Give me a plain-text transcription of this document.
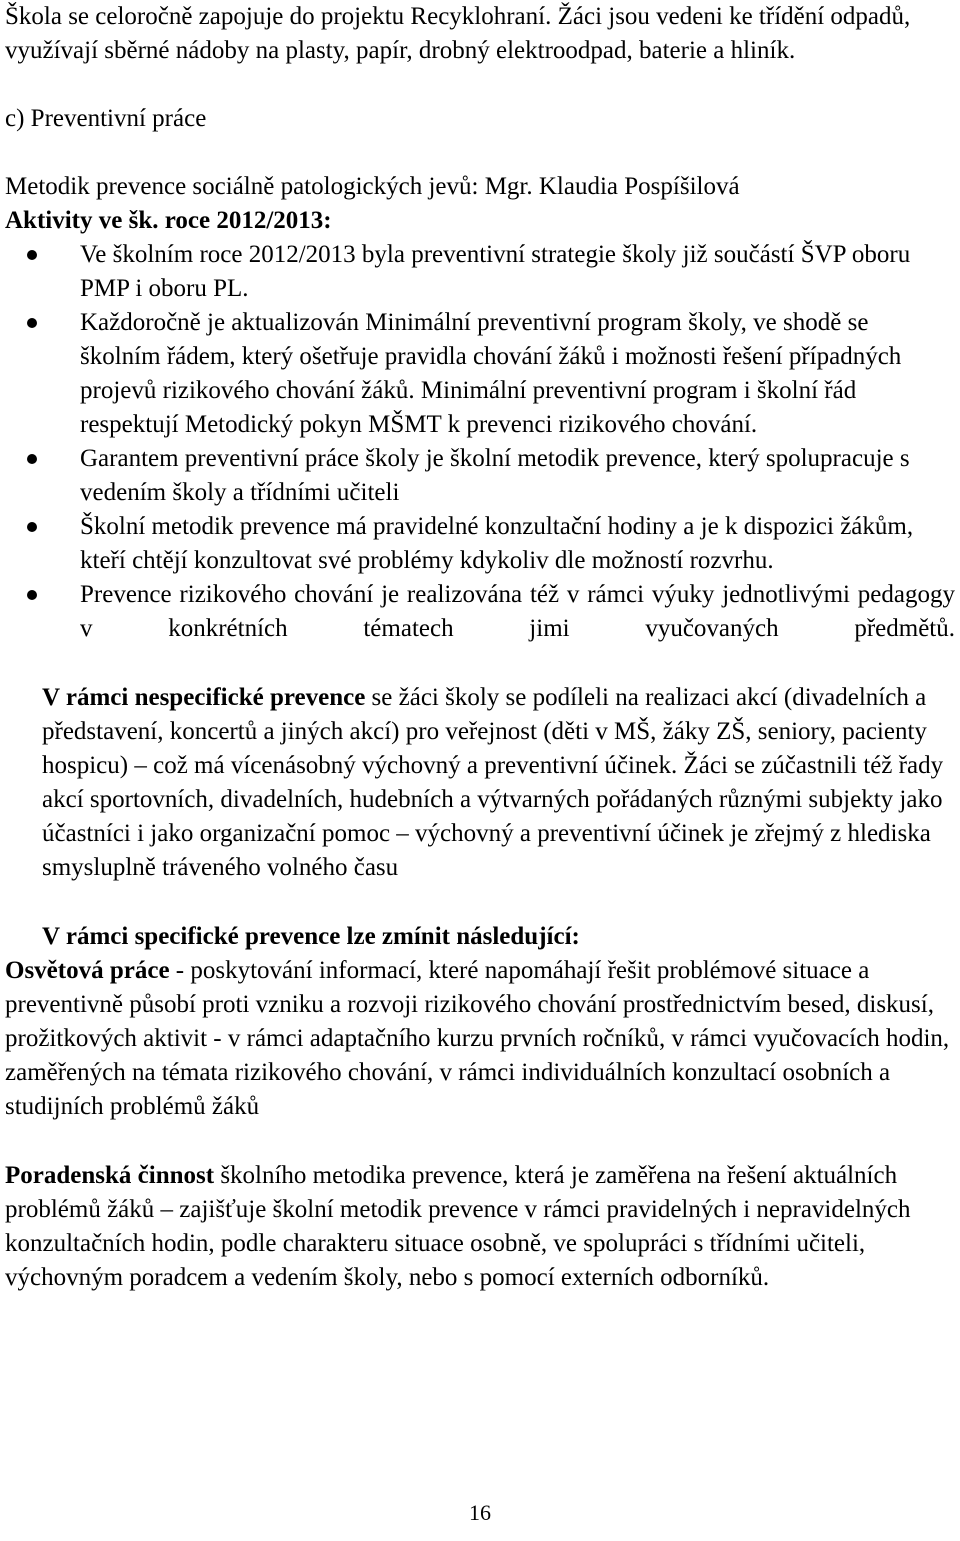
Škola se celoročně zapojuje do projektu Recyklohraní. Žáci jsou vedeni ke třídění odpadů, využívají sběrné nádoby na plasty, papír, drobný elektroodpad, baterie a hliník.

c) Preventivní práce

Metodik prevence sociálně patologických jevů: Mgr. Klaudia Pospíšilová

Aktivity ve šk. roce 2012/2013:

Ve školním roce 2012/2013 byla preventivní strategie školy již součástí ŠVP oboru PMP i oboru PL.
Každoročně je aktualizován Minimální preventivní program školy, ve shodě se školním řádem, který ošetřuje pravidla chování žáků i možnosti řešení případných projevů rizikového chování žáků. Minimální preventivní program i školní řád respektují Metodický pokyn MŠMT k prevenci rizikového chování.
Garantem preventivní práce školy je školní metodik prevence, který spolupracuje s vedením školy a třídními učiteli
Školní metodik prevence má pravidelné konzultační hodiny a je k dispozici žákům, kteří chtějí konzultovat své problémy kdykoliv dle možností rozvrhu.
Prevence rizikového chování je realizována též v rámci výuky jednotlivými pedagogy v konkrétních tématech jimi vyučovaných předmětů.

V rámci nespecifické prevence se žáci školy se podíleli na realizaci akcí (divadelních a představení, koncertů a jiných akcí) pro veřejnost (děti v MŠ, žáky ZŠ, seniory, pacienty hospicu) – což má vícenásobný výchovný a preventivní účinek. Žáci se zúčastnili též řady akcí sportovních, divadelních, hudebních a výtvarných pořádaných různými subjekty jako účastníci i jako organizační pomoc – výchovný a preventivní účinek je zřejmý z hlediska smysluplně tráveného volného času

V rámci specifické prevence lze zmínit následující:

Osvětová práce - poskytování informací, které napomáhají řešit problémové situace a preventivně působí proti vzniku a rozvoji rizikového chování prostřednictvím besed, diskusí, prožitkových aktivit - v rámci adaptačního kurzu prvních ročníků, v rámci vyučovacích hodin, zaměřených na témata rizikového chování, v rámci individuálních konzultací osobních a studijních problémů žáků

Poradenská činnost školního metodika prevence, která je zaměřena na řešení aktuálních problémů žáků – zajišťuje školní metodik prevence v rámci pravidelných i nepravidelných konzultačních hodin, podle charakteru situace osobně, ve spolupráci s třídními učiteli, výchovným poradcem a vedením školy, nebo s pomocí externích odborníků.

16
